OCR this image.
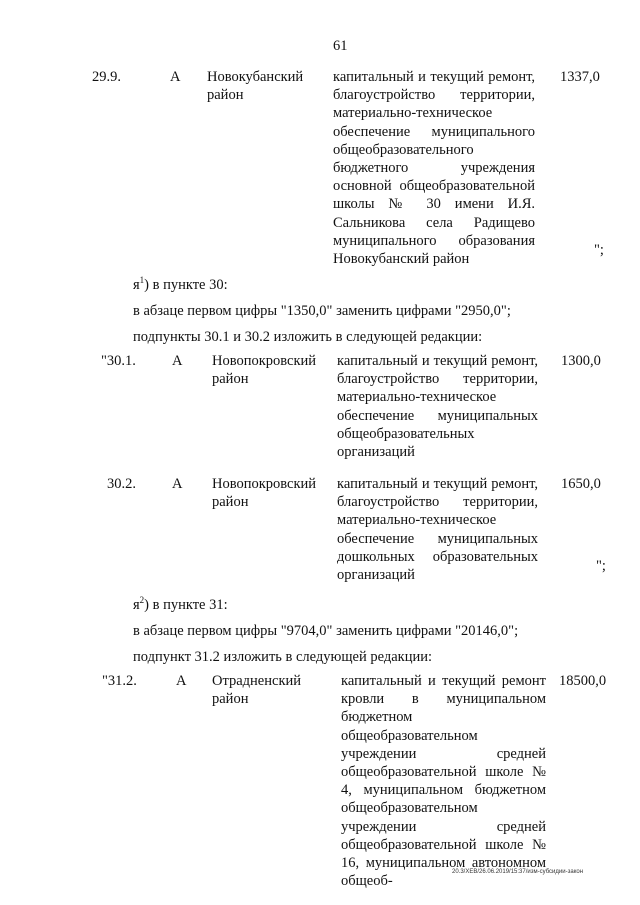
61
29.9.	А Новокубанский
район
капитальный и текущий ремонт, благоустройство территории, материально-техническое обеспечение муниципального общеобразовательного бюджетного учреждения основной общеобразовательной школы № 30 имени И.Я. Сальникова села Радищево муниципального образования Новокубанский район
1337,0
";
$я^1$) в пункте 30:
в абзаце первом цифры "1350,0" заменить цифрами "2950,0";
подпункты 30.1 и 30.2 изложить в следующей редакции:
"30.1. А Новопокровский
район
капитальный и текущий ремонт, благоустройство территории, материально-техническое обеспечение муниципальных общеобразовательных организаций
1300,0
30.2. А Новопокровский
район
капитальный и текущий ремонт, благоустройство территории, материально-техническое обеспечение муниципальных дошкольных образовательных организаций
1650,0
";
$я^2$) в пункте 31:
в абзаце первом цифры "9704,0" заменить цифрами "20146,0";
подпункт 31.2 изложить в следующей редакции:
"31.2.	А Отрадненский
район
капитальный и текущий ремонт кровли в муниципальном бюджетном общеобразовательном учреждении средней общеобразовательной школе № 4, муниципальном бюджетном общеобразовательном учреждении средней общеобразовательной школе № 16, муниципальном автономном общеоб-
18500,0
20.3/ХЕВ/26.06.2019/15:37/изм-субсидии-закон
